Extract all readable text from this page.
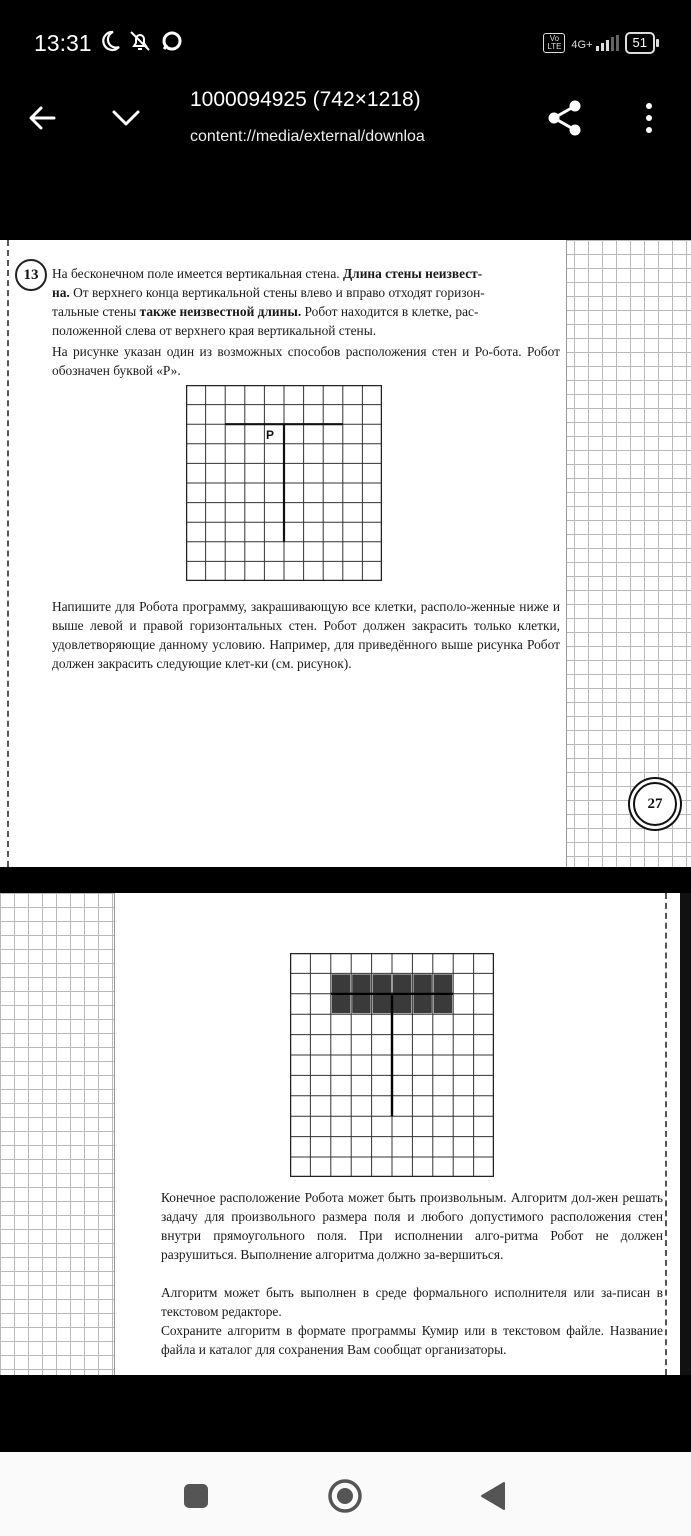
13:31	Vo LTE 4G+	51
1000094925 (742×1218)
content://media/external/downloa
13	На бесконечном поле имеется вертикальная стена. Длина стены неизвест-
на. От верхнего конца вертикальной стены влево и вправо отходят горизон-
тальные стены также неизвестной длины. Робот находится в клетке, рас-
положенной слева от верхнего края вертикальной стены.

На рисунке указан один из возможных способов расположения стен и Ро-бота. Робот обозначен буквой «Р».

Р

Напишите для Робота программу, закрашивающую все клетки, располо-женные ниже и выше левой и правой горизонтальных стен. Робот должен закрасить только клетки, удовлетворяющие данному условию. Например, для приведённого выше рисунка Робот должен закрасить следующие клет-ки (см. рисунок).

27

Конечное расположение Робота может быть произвольным. Алгоритм дол-жен решать задачу для произвольного размера поля и любого допустимого расположения стен внутри прямоугольного поля. При исполнении алго-ритма Робот не должен разрушиться. Выполнение алгоритма должно за-вершиться.

Алгоритм может быть выполнен в среде формального исполнителя или за-писан в текстовом редакторе.

Сохраните алгоритм в формате программы Кумир или в текстовом файле. Название файла и каталог для сохранения Вам сообщат организаторы.
